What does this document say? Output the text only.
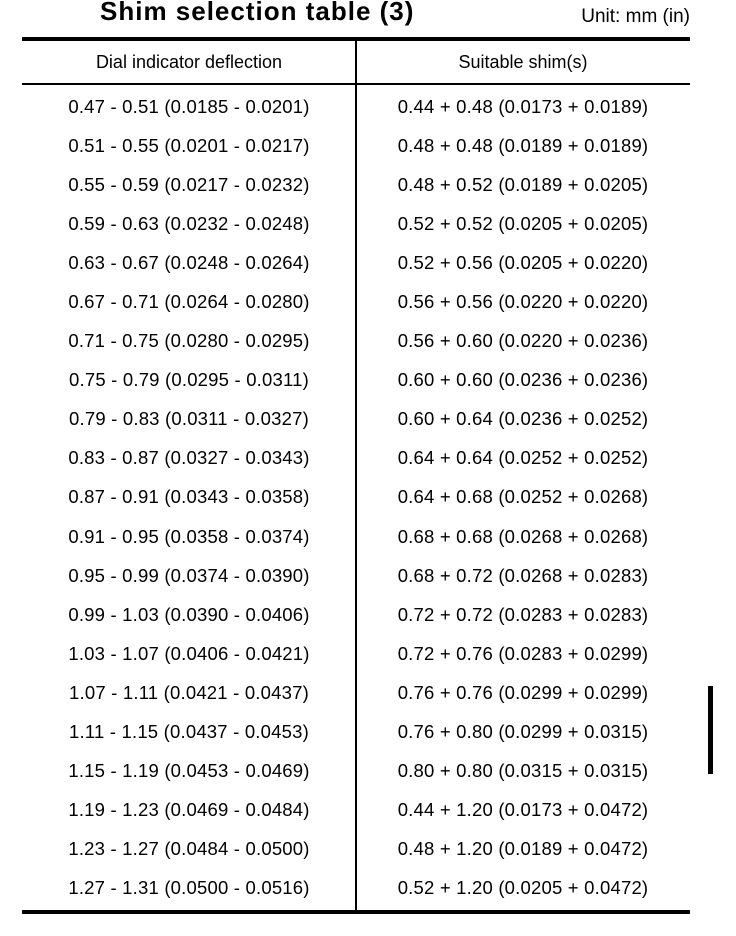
Shim selection table (3)	Unit: mm (in)
Dial indicator deflection	Suitable shim(s)
0.47 - 0.51 (0.0185 - 0.0201)	0.44 + 0.48 (0.0173 + 0.0189)
0.51 - 0.55 (0.0201 - 0.0217)	0.48 + 0.48 (0.0189 + 0.0189)
0.55 - 0.59 (0.0217 - 0.0232)	0.48 + 0.52 (0.0189 + 0.0205)
0.59 - 0.63 (0.0232 - 0.0248)	0.52 + 0.52 (0.0205 + 0.0205)
0.63 - 0.67 (0.0248 - 0.0264)	0.52 + 0.56 (0.0205 + 0.0220)
0.67 - 0.71 (0.0264 - 0.0280)	0.56 + 0.56 (0.0220 + 0.0220)
0.71 - 0.75 (0.0280 - 0.0295)	0.56 + 0.60 (0.0220 + 0.0236)
0.75 - 0.79 (0.0295 - 0.0311)	0.60 + 0.60 (0.0236 + 0.0236)
0.79 - 0.83 (0.0311 - 0.0327)	0.60 + 0.64 (0.0236 + 0.0252)
0.83 - 0.87 (0.0327 - 0.0343)	0.64 + 0.64 (0.0252 + 0.0252)
0.87 - 0.91 (0.0343 - 0.0358)	0.64 + 0.68 (0.0252 + 0.0268)
0.91 - 0.95 (0.0358 - 0.0374)	0.68 + 0.68 (0.0268 + 0.0268)
0.95 - 0.99 (0.0374 - 0.0390)	0.68 + 0.72 (0.0268 + 0.0283)
0.99 - 1.03 (0.0390 - 0.0406)	0.72 + 0.72 (0.0283 + 0.0283)
1.03 - 1.07 (0.0406 - 0.0421)	0.72 + 0.76 (0.0283 + 0.0299)
1.07 - 1.11 (0.0421 - 0.0437)	0.76 + 0.76 (0.0299 + 0.0299)
1.11 - 1.15 (0.0437 - 0.0453)	0.76 + 0.80 (0.0299 + 0.0315)
1.15 - 1.19 (0.0453 - 0.0469)	0.80 + 0.80 (0.0315 + 0.0315)
1.19 - 1.23 (0.0469 - 0.0484)	0.44 + 1.20 (0.0173 + 0.0472)
1.23 - 1.27 (0.0484 - 0.0500)	0.48 + 1.20 (0.0189 + 0.0472)
1.27 - 1.31 (0.0500 - 0.0516)	0.52 + 1.20 (0.0205 + 0.0472)
